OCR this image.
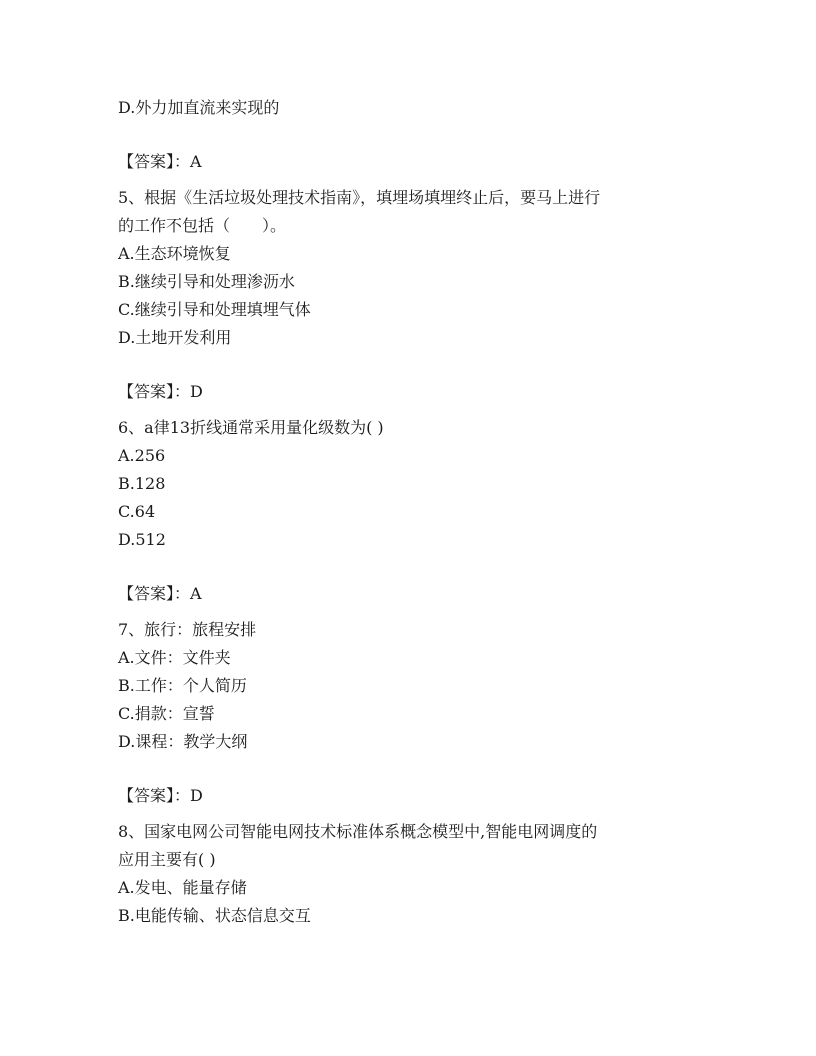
D.外力加直流来实现的
【答案】：A
5、根据《生活垃圾处理技术指南》，填埋场填埋终止后，要马上进行
的工作不包括（　　）。
A.生态环境恢复
B.继续引导和处理渗沥水
C.继续引导和处理填埋气体
D.土地开发利用
【答案】：D
6、a律13折线通常采用量化级数为( )
A.256
B.128
C.64
D.512
【答案】：A
7、旅行：旅程安排
A.文件：文件夹
B.工作：个人简历
C.捐款：宣誓
D.课程：教学大纲
【答案】：D
8、国家电网公司智能电网技术标准体系概念模型中,智能电网调度的
应用主要有( )
A.发电、能量存储
B.电能传输、状态信息交互
